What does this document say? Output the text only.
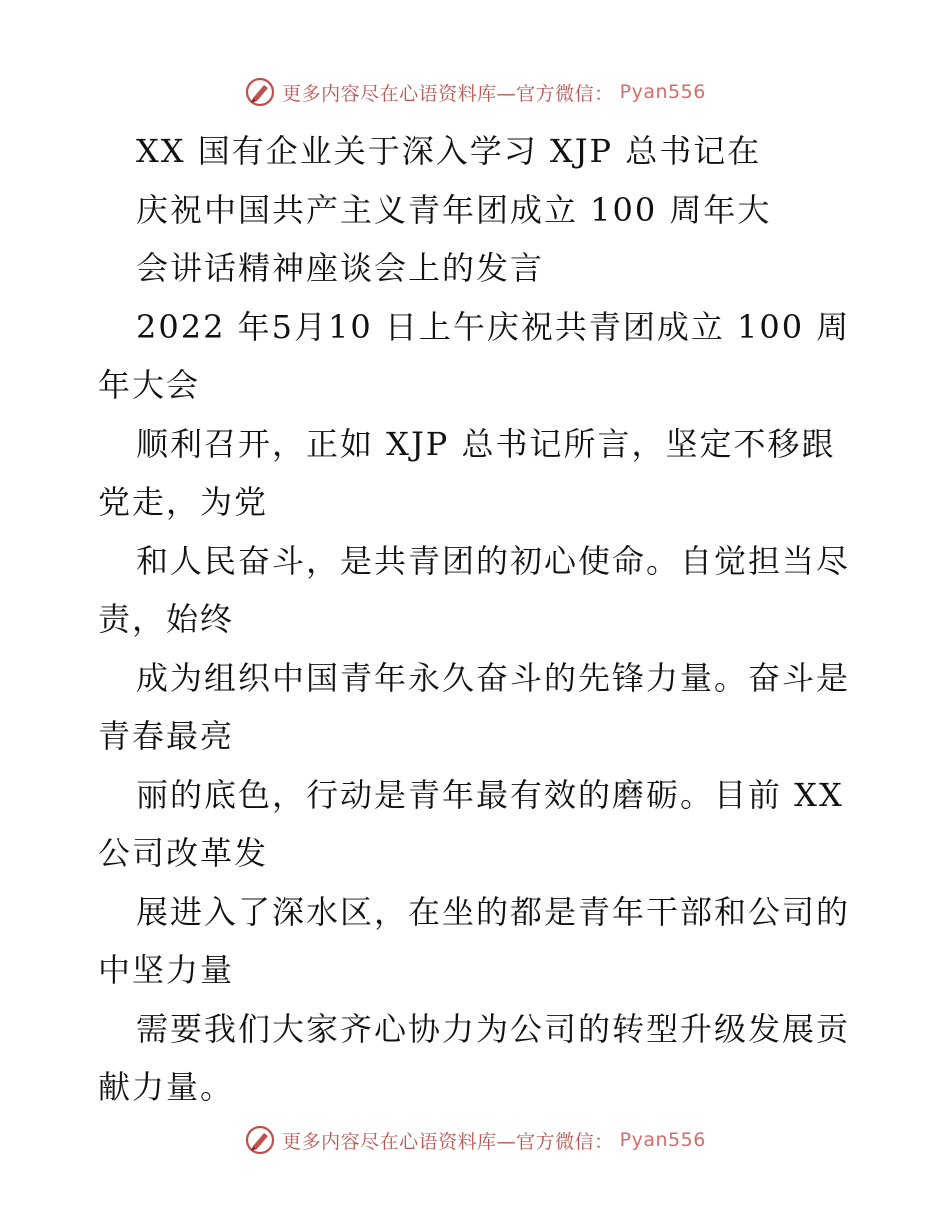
更多内容尽在心语资料库—官方微信： Pyan556
XX 国有企业关于深入学习 XJP 总书记在
庆祝中国共产主义青年团成立 100 周年大
会讲话精神座谈会上的发言
2022 年5月10 日上午庆祝共青团成立 100 周
年大会
顺利召开，正如 XJP 总书记所言，坚定不移跟
党走，为党
和人民奋斗，是共青团的初心使命。自觉担当尽
责，始终
成为组织中国青年永久奋斗的先锋力量。奋斗是
青春最亮
丽的底色，行动是青年最有效的磨砺。目前 XX
公司改革发
展进入了深水区，在坐的都是青年干部和公司的
中坚力量
需要我们大家齐心协力为公司的转型升级发展贡
献力量。
更多内容尽在心语资料库—官方微信： Pyan556
